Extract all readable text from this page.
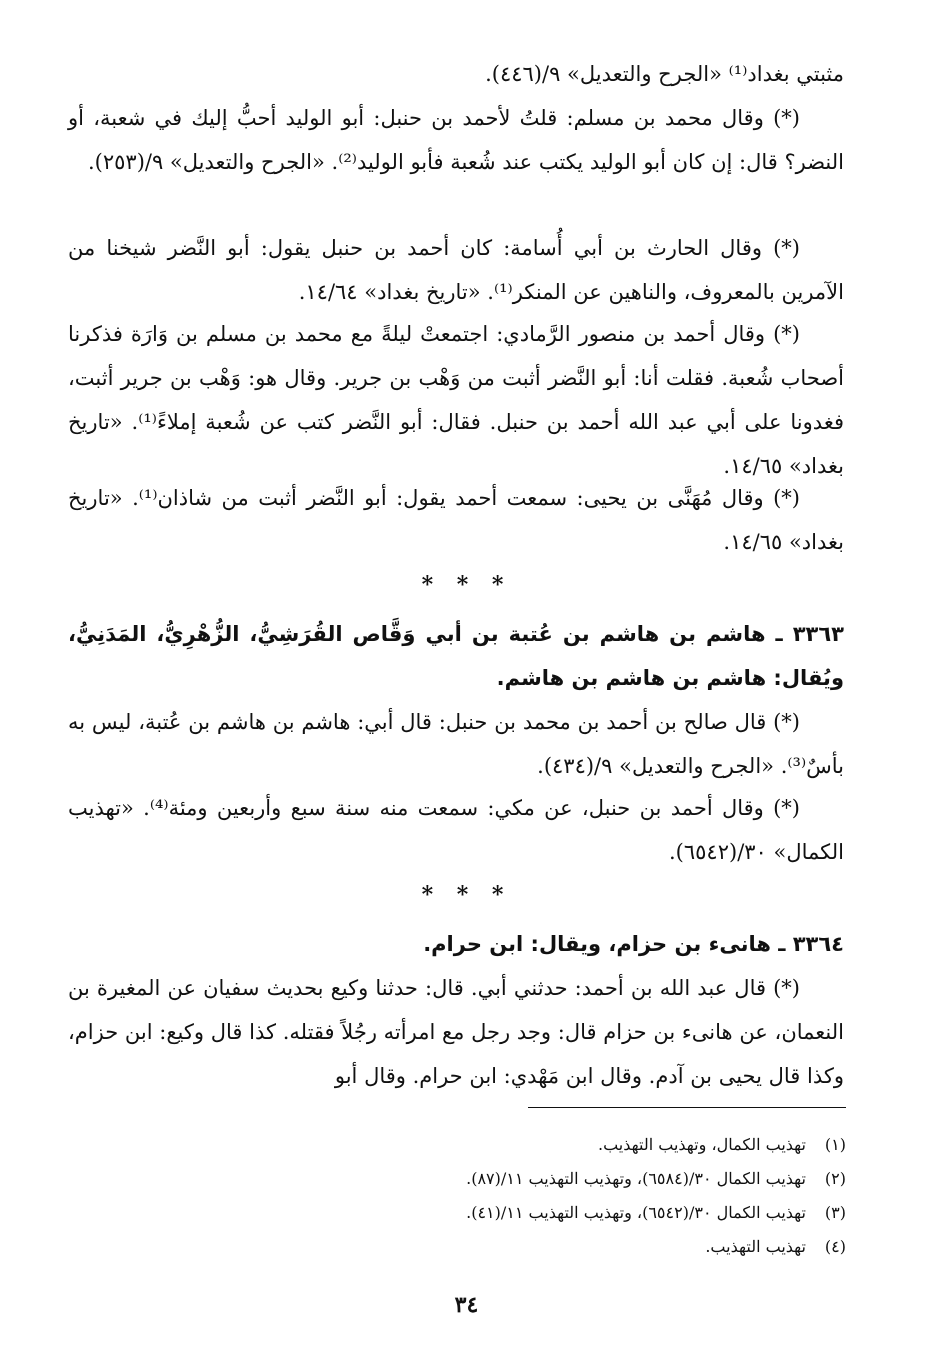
مثبتي بغداد⁽¹⁾ «الجرح والتعديل» ٩/(٤٤٦).

(*) وقال محمد بن مسلم: قلتُ لأحمد بن حنبل: أبو الوليد أحبُّ إليك في شعبة، أو النضر؟ قال: إن كان أبو الوليد يكتب عند شُعبة فأبو الوليد⁽²⁾. «الجرح والتعديل» ٩/(٢٥٣).

(*) وقال الحارث بن أبي أُسامة: كان أحمد بن حنبل يقول: أبو النَّضر شيخنا من الآمرين بالمعروف، والناهين عن المنكر⁽¹⁾. «تاريخ بغداد» ١٤/٦٤.

(*) وقال أحمد بن منصور الرَّمادي: اجتمعتْ ليلةً مع محمد بن مسلم بن وَارَة فذكرنا أصحاب شُعبة. فقلت أنا: أبو النَّضر أثبت من وَهْب بن جرير. وقال هو: وَهْب بن جرير أثبت، فغدونا على أبي عبد الله أحمد بن حنبل. فقال: أبو النَّضر كتب عن شُعبة إملاءً⁽¹⁾. «تاريخ بغداد» ١٤/٦٥.

(*) وقال مُهَنَّى بن يحيى: سمعت أحمد يقول: أبو النَّضر أثبت من شاذان⁽¹⁾. «تاريخ بغداد» ١٤/٦٥.

* * *

٣٣٦٣ ـ هاشم بن هاشم بن عُتبة بن أبي وَقَّاص القُرَشِيُّ، الزُّهْرِيُّ، المَدَنِيُّ، ويُقال: هاشم بن هاشم بن هاشم.

(*) قال صالح بن أحمد بن محمد بن حنبل: قال أبي: هاشم بن هاشم بن عُتبة، ليس به بأسٌ⁽³⁾. «الجرح والتعديل» ٩/(٤٣٤).

(*) وقال أحمد بن حنبل، عن مكي: سمعت منه سنة سبع وأربعين ومئة⁽⁴⁾. «تهذيب الكمال» ٣٠/(٦٥٤٢).

* * *

٣٣٦٤ ـ هانىء بن حزام، ويقال: ابن حرام.

(*) قال عبد الله بن أحمد: حدثني أبي. قال: حدثنا وكيع بحديث سفيان عن المغيرة بن النعمان، عن هانىء بن حزام قال: وجد رجل مع امرأته رجُلاً فقتله. كذا قال وكيع: ابن حزام، وكذا قال يحيى بن آدم. وقال ابن مَهْدي: ابن حرام. وقال أبو

(١)تهذيب الكمال، وتهذيب التهذيب.
(٢)تهذيب الكمال ٣٠/(٦٥٨٤)، وتهذيب التهذيب ١١/(٨٧).
(٣)تهذيب الكمال ٣٠/(٦٥٤٢)، وتهذيب التهذيب ١١/(٤١).
(٤)تهذيب التهذيب.
٣٤
